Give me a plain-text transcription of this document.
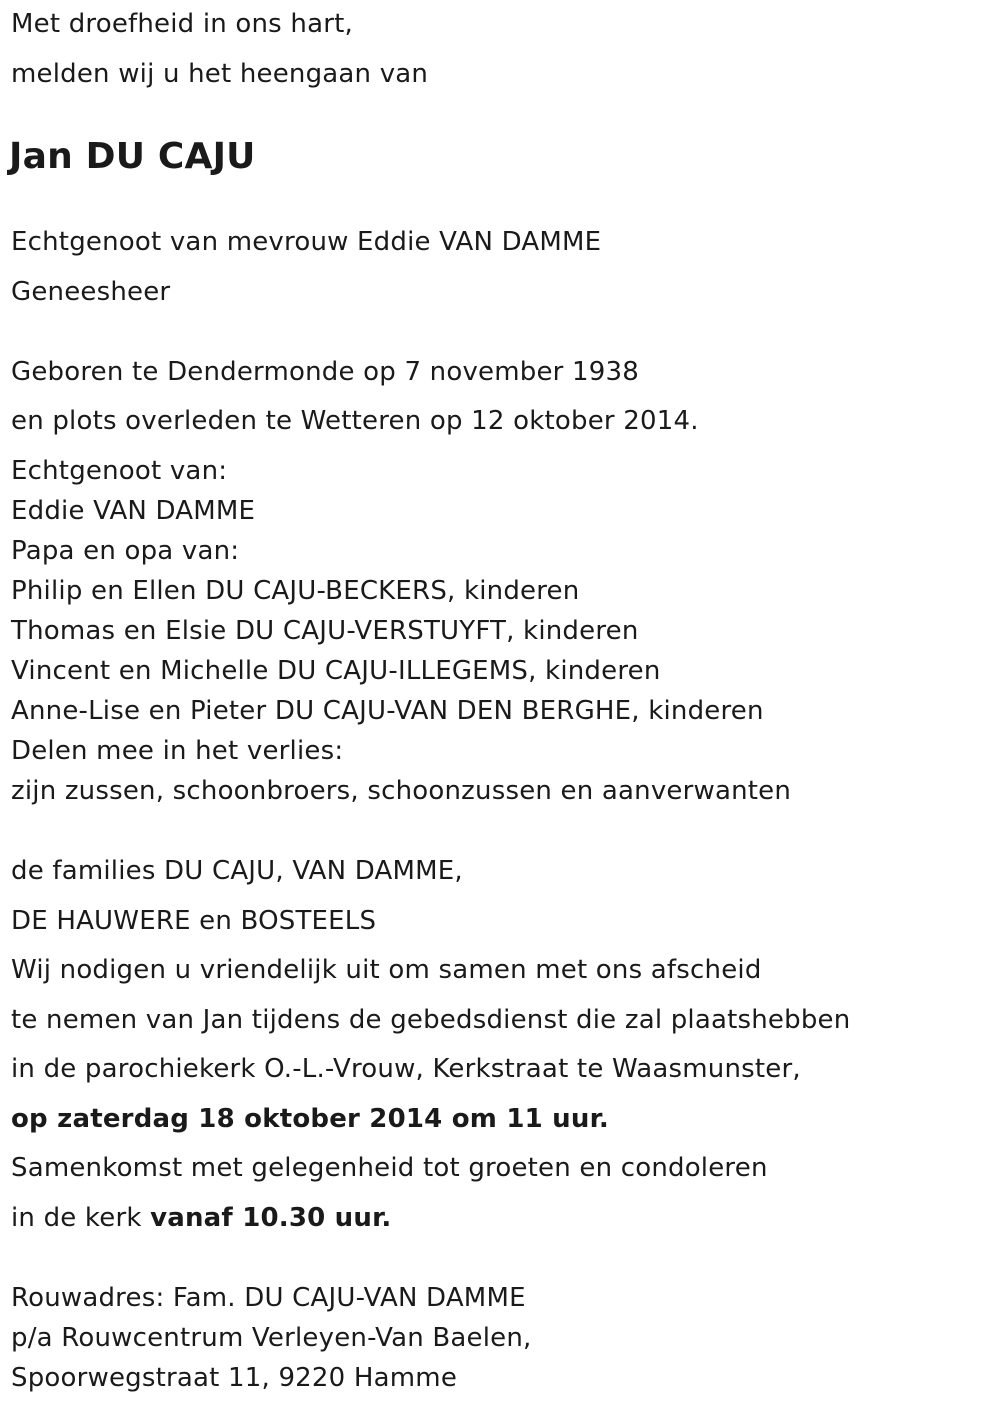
Met droefheid in ons hart,

melden wij u het heengaan van

Jan DU CAJU

Echtgenoot van mevrouw Eddie VAN DAMME

Geneesheer

Geboren te Dendermonde op 7 november 1938

en plots overleden te Wetteren op 12 oktober 2014.

Echtgenoot van:

Eddie VAN DAMME

Papa en opa van:

Philip en Ellen DU CAJU-BECKERS, kinderen

Thomas en Elsie DU CAJU-VERSTUYFT, kinderen

Vincent en Michelle DU CAJU-ILLEGEMS, kinderen

Anne-Lise en Pieter DU CAJU-VAN DEN BERGHE, kinderen

Delen mee in het verlies:

zijn zussen, schoonbroers, schoonzussen en aanverwanten

de families DU CAJU, VAN DAMME,

DE HAUWERE en BOSTEELS

Wij nodigen u vriendelijk uit om samen met ons afscheid

te nemen van Jan tijdens de gebedsdienst die zal plaatshebben

in de parochiekerk O.-L.-Vrouw, Kerkstraat te Waasmunster,

op zaterdag 18 oktober 2014 om 11 uur.

Samenkomst met gelegenheid tot groeten en condoleren

in de kerk vanaf 10.30 uur.

Rouwadres: Fam. DU CAJU-VAN DAMME

p/a Rouwcentrum Verleyen-Van Baelen,

Spoorwegstraat 11, 9220 Hamme
